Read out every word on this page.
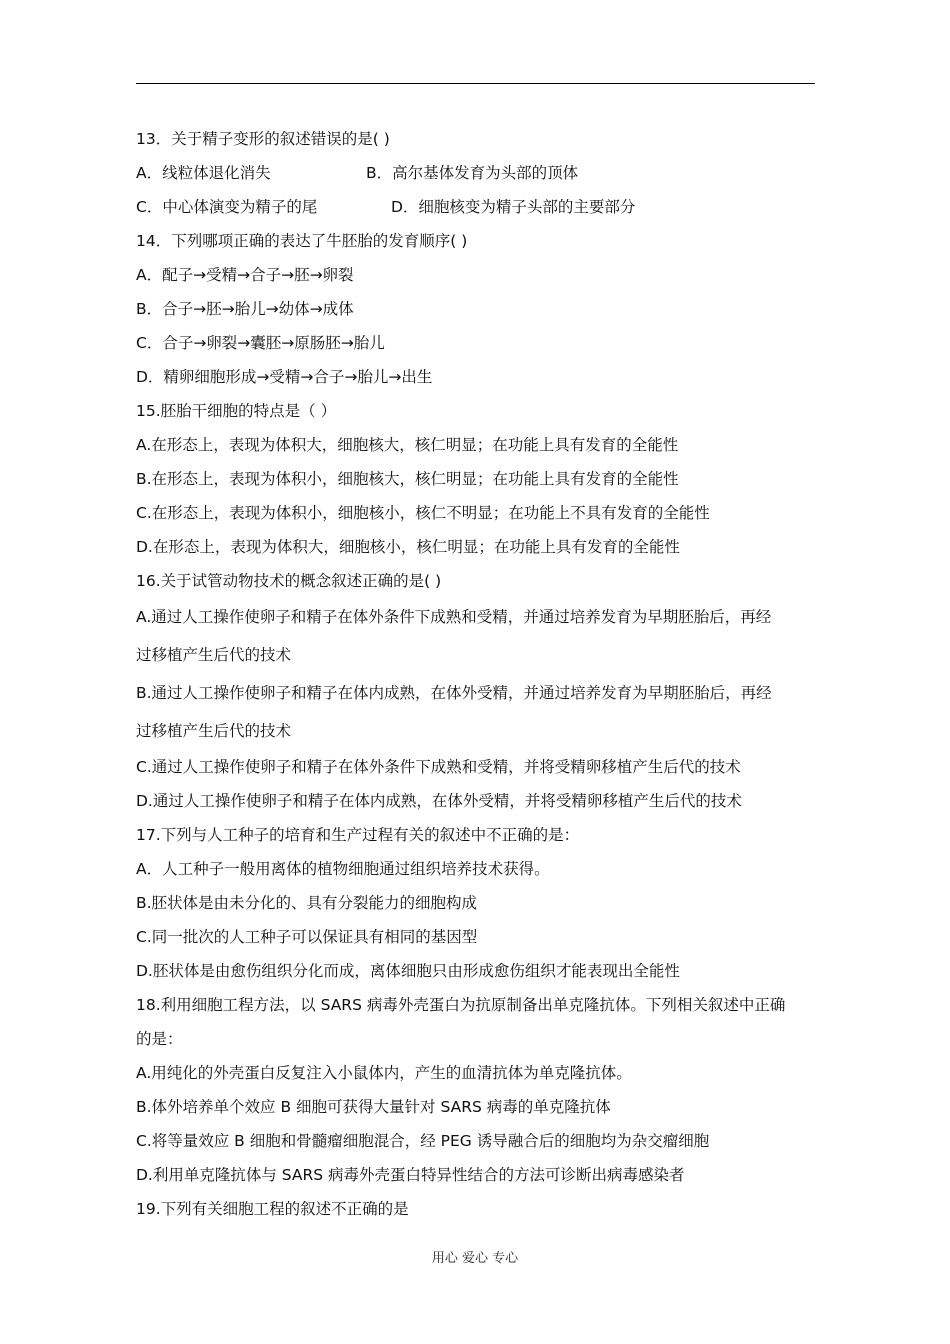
13．关于精子变形的叙述错误的是( )
A．线粒体退化消失	B．高尔基体发育为头部的顶体
C．中心体演变为精子的尾	D．细胞核变为精子头部的主要部分
14．下列哪项正确的表达了牛胚胎的发育顺序( )
A．配子→受精→合子→胚→卵裂
B．合子→胚→胎儿→幼体→成体
C．合子→卵裂→囊胚→原肠胚→胎儿
D．精卵细胞形成→受精→合子→胎儿→出生
15.胚胎干细胞的特点是（ ）
A.在形态上，表现为体积大，细胞核大，核仁明显；在功能上具有发育的全能性
B.在形态上，表现为体积小，细胞核大，核仁明显；在功能上具有发育的全能性
C.在形态上，表现为体积小，细胞核小，核仁不明显；在功能上不具有发育的全能性
D.在形态上，表现为体积大，细胞核小，核仁明显；在功能上具有发育的全能性
16.关于试管动物技术的概念叙述正确的是( )
A.通过人工操作使卵子和精子在体外条件下成熟和受精，并通过培养发育为早期胚胎后，再经
过移植产生后代的技术
B.通过人工操作使卵子和精子在体内成熟，在体外受精，并通过培养发育为早期胚胎后，再经
过移植产生后代的技术
C.通过人工操作使卵子和精子在体外条件下成熟和受精，并将受精卵移植产生后代的技术
D.通过人工操作使卵子和精子在体内成熟，在体外受精，并将受精卵移植产生后代的技术
17.下列与人工种子的培育和生产过程有关的叙述中不正确的是：
A．人工种子一般用离体的植物细胞通过组织培养技术获得。
B.胚状体是由未分化的、具有分裂能力的细胞构成
C.同一批次的人工种子可以保证具有相同的基因型
D.胚状体是由愈伤组织分化而成，离体细胞只由形成愈伤组织才能表现出全能性
18.利用细胞工程方法，以 SARS 病毒外壳蛋白为抗原制备出单克隆抗体。下列相关叙述中正确
的是：
A.用纯化的外壳蛋白反复注入小鼠体内，产生的血清抗体为单克隆抗体。
B.体外培养单个效应 B 细胞可获得大量针对 SARS 病毒的单克隆抗体
C.将等量效应 B 细胞和骨髓瘤细胞混合，经 PEG 诱导融合后的细胞均为杂交瘤细胞
D.利用单克隆抗体与 SARS 病毒外壳蛋白特异性结合的方法可诊断出病毒感染者
19.下列有关细胞工程的叙述不正确的是
用心 爱心 专心
